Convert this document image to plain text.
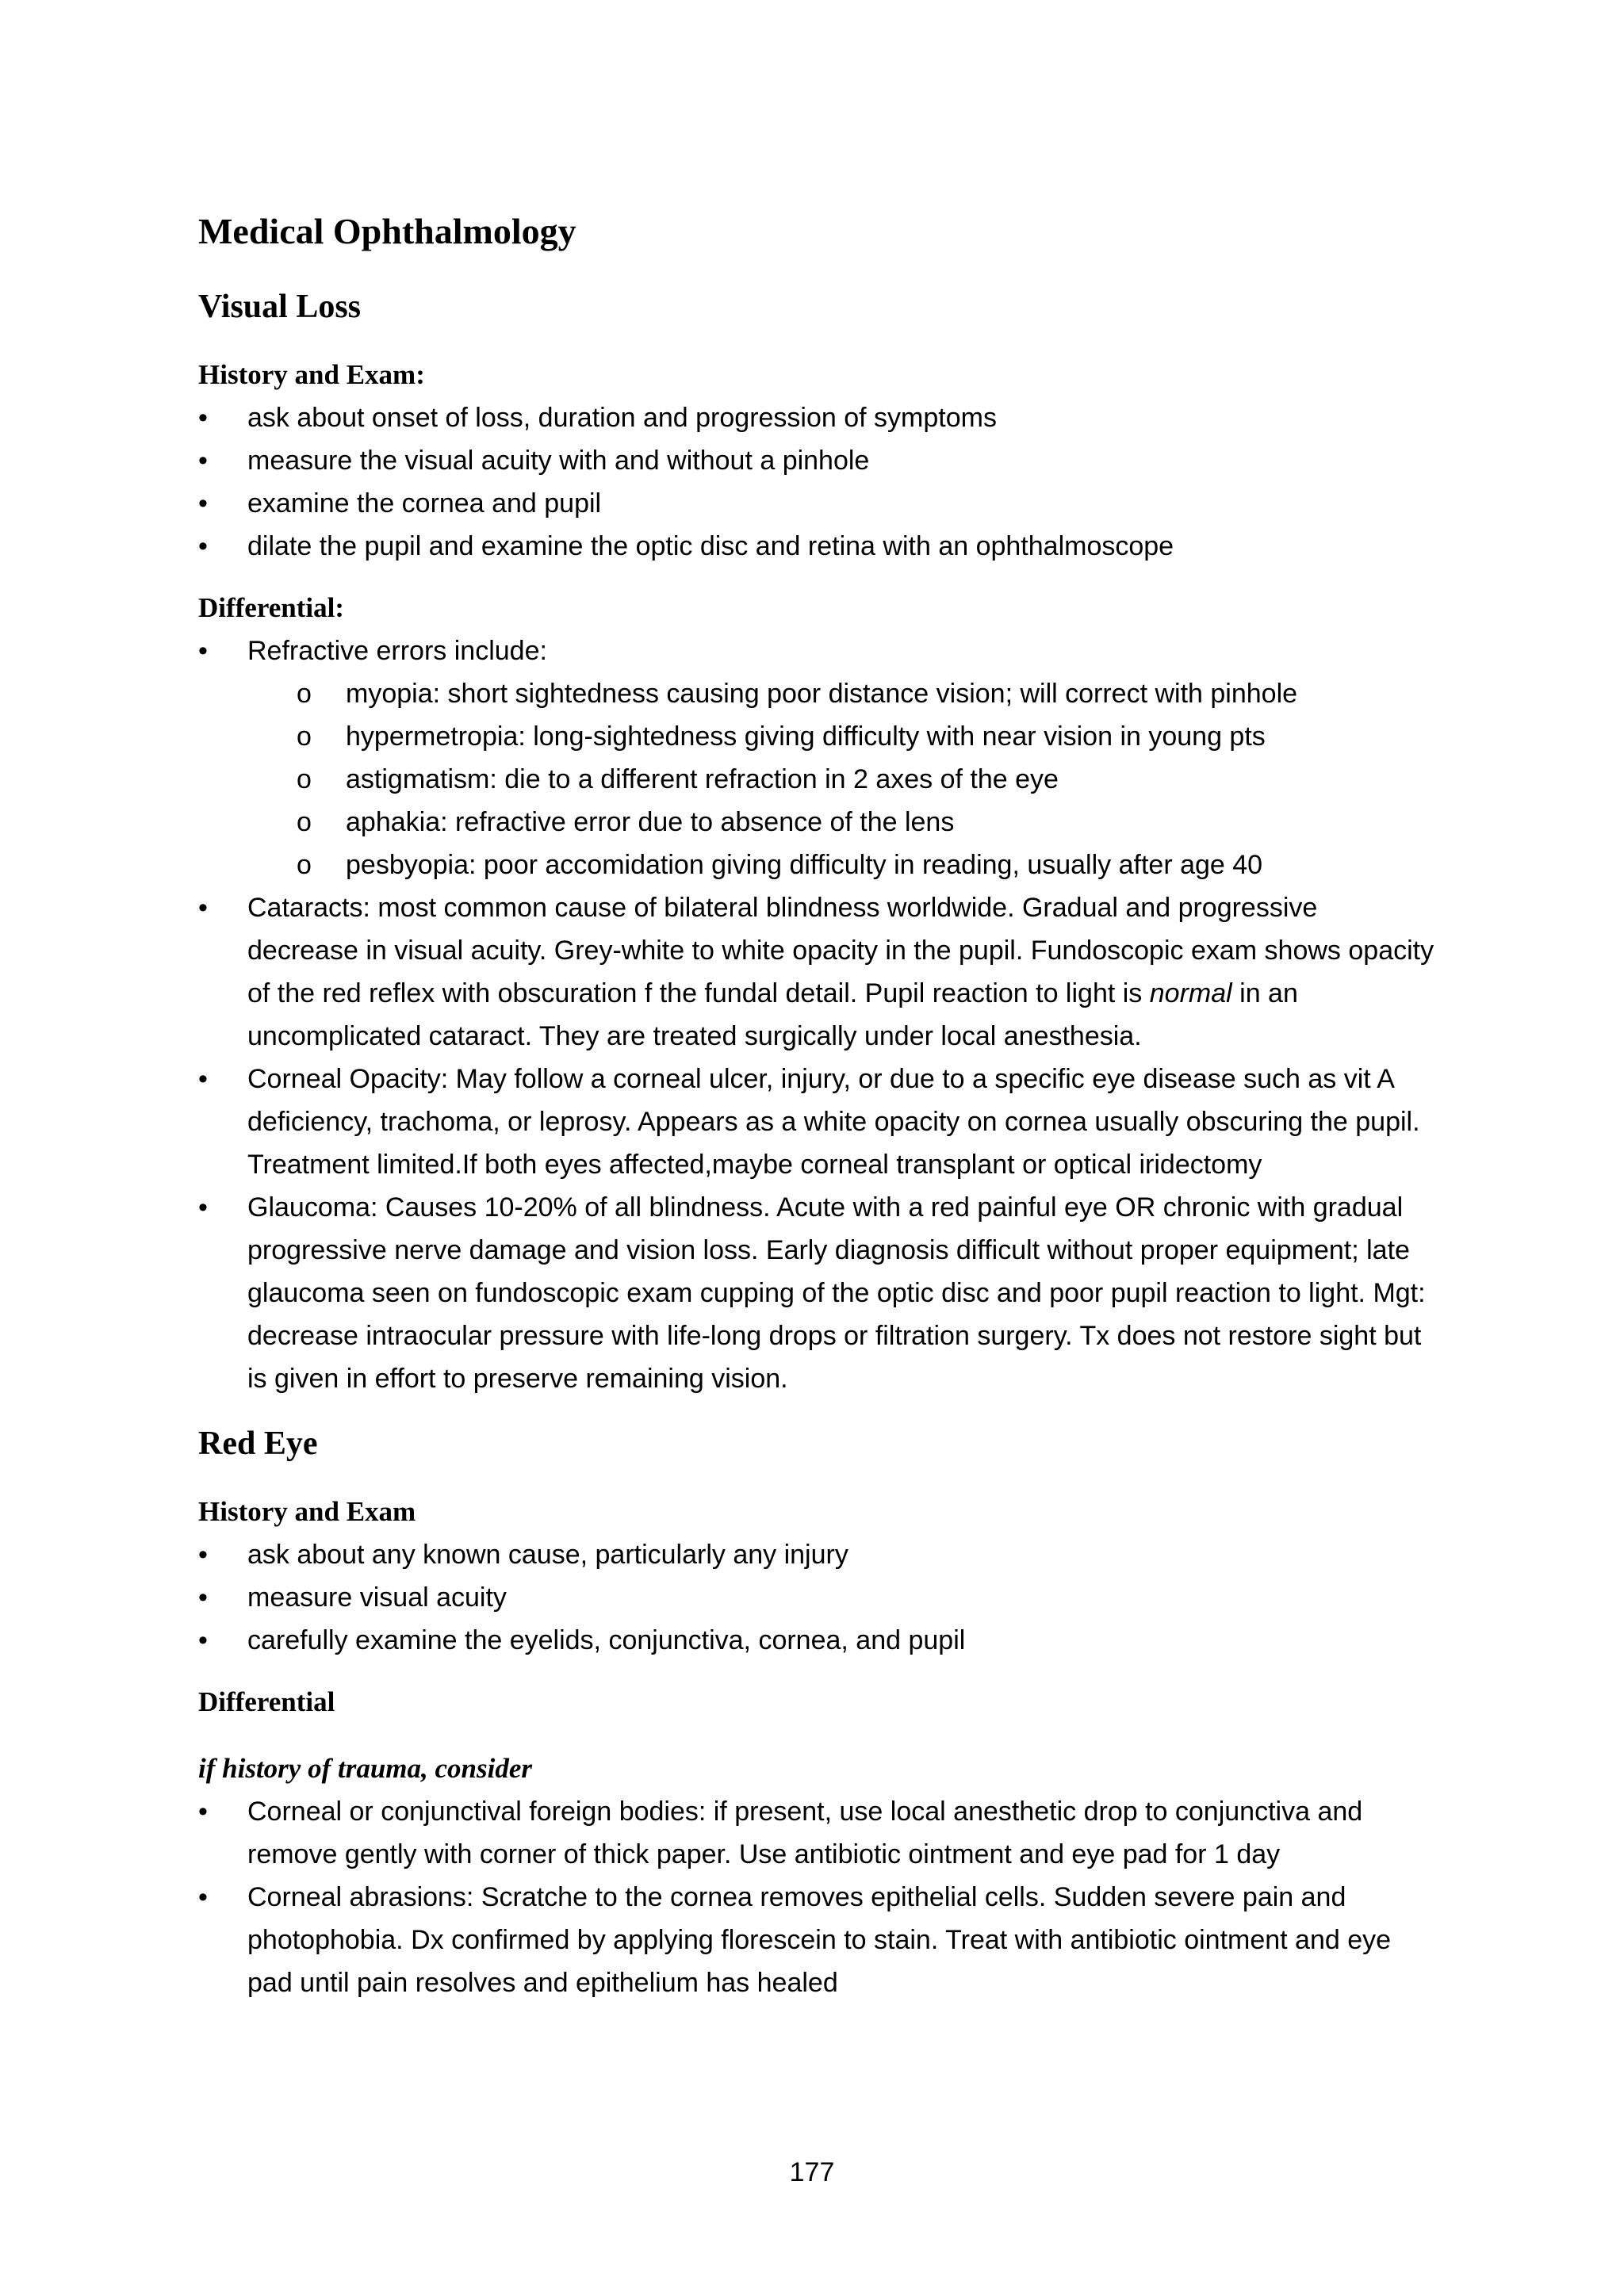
Medical Ophthalmology
Visual Loss
History and Exam:
• ask about onset of loss, duration and progression of symptoms
• measure the visual acuity with and without a pinhole
• examine the cornea and pupil
• dilate the pupil and examine the optic disc and retina with an ophthalmoscope
Differential:
• Refractive errors include:
o myopia: short sightedness causing poor distance vision; will correct with pinhole
o hypermetropia: long-sightedness giving difficulty with near vision in young pts
o astigmatism: die to a different refraction in 2 axes of the eye
o aphakia: refractive error due to absence of the lens
o pesbyopia: poor accomidation giving difficulty in reading, usually after age 40
• Cataracts: most common cause of bilateral blindness worldwide. Gradual and progressive decrease in visual acuity. Grey-white to white opacity in the pupil. Fundoscopic exam shows opacity of the red reflex with obscuration f the fundal detail. Pupil reaction to light is normal in an uncomplicated cataract. They are treated surgically under local anesthesia.
• Corneal Opacity: May follow a corneal ulcer, injury, or due to a specific eye disease such as vit A deficiency, trachoma, or leprosy. Appears as a white opacity on cornea usually obscuring the pupil. Treatment limited.If both eyes affected,maybe corneal transplant or optical iridectomy
• Glaucoma: Causes 10-20% of all blindness. Acute with a red painful eye OR chronic with gradual progressive nerve damage and vision loss. Early diagnosis difficult without proper equipment; late glaucoma seen on fundoscopic exam cupping of the optic disc and poor pupil reaction to light. Mgt: decrease intraocular pressure with life-long drops or filtration surgery. Tx does not restore sight but is given in effort to preserve remaining vision.
Red Eye
History and Exam
• ask about any known cause, particularly any injury
• measure visual acuity
• carefully examine the eyelids, conjunctiva, cornea, and pupil
Differential
if history of trauma, consider
• Corneal or conjunctival foreign bodies: if present, use local anesthetic drop to conjunctiva and remove gently with corner of thick paper. Use antibiotic ointment and eye pad for 1 day
• Corneal abrasions: Scratche to the cornea removes epithelial cells. Sudden severe pain and photophobia. Dx confirmed by applying florescein to stain. Treat with antibiotic ointment and eye pad until pain resolves and epithelium has healed
177
